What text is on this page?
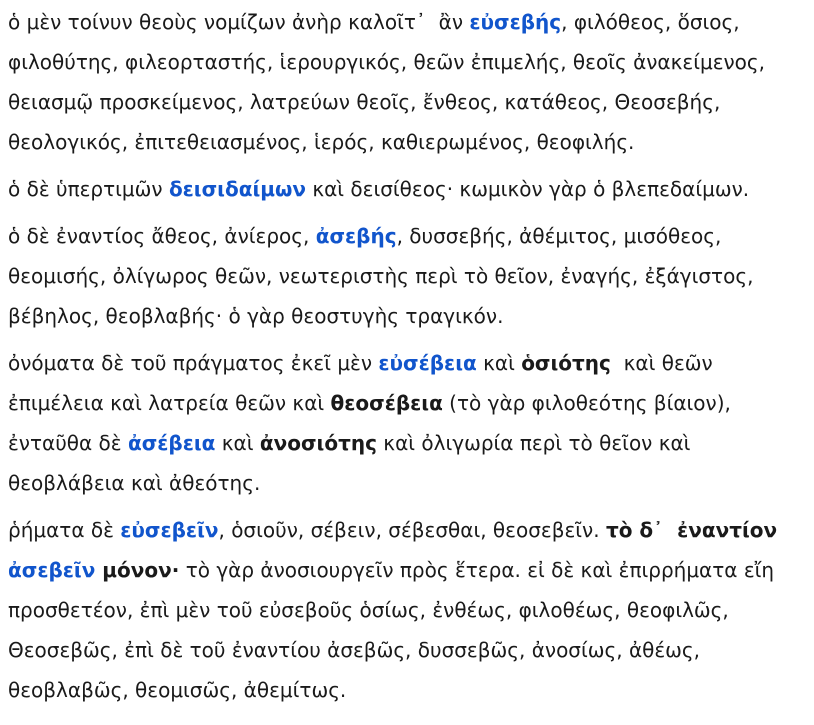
ὁ μὲν τοίνυν θεοὺς νομίζων ἀνὴρ καλοῖτ᾽  ἂν εὐσεβής, φιλόθεος, ὅσιος, φιλοθύτης, φιλεορταστής, ἱερουργικός, θεῶν ἐπιμελής, θεοῖς ἀνακείμενος, θειασμῷ προσκείμενος, λατρεύων θεοῖς, ἔνθεος, κατάθεος, Θεοσεβής, θεολογικός, ἐπιτεθειασμένος, ἱερός, καθιερωμένος, θεοφιλής.

ὁ δὲ ὑπερτιμῶν δεισιδαίμων καὶ δεισίθεος· κωμικὸν γὰρ ὁ βλεπεδαίμων.

ὁ δὲ ἐναντίος ἄθεος, ἀνίερος, ἀσεβής, δυσσεβής, ἀθέμιτος, μισόθεος, θεομισής, ὀλίγωρος θεῶν, νεωτεριστὴς περὶ τὸ θεῖον, ἐναγής, ἐξάγιστος, βέβηλος, θεοβλαβής· ὁ γὰρ θεοστυγὴς τραγικόν.

ὀνόματα δὲ τοῦ πράγματος ἐκεῖ μὲν εὐσέβεια καὶ ὁσιότης  καὶ θεῶν ἐπιμέλεια καὶ λατρεία θεῶν καὶ θεοσέβεια (τὸ γὰρ φιλοθεότης βίαιον), ἐνταῦθα δὲ ἀσέβεια καὶ ἀνοσιότης καὶ ὀλιγωρία περὶ τὸ θεῖον καὶ θεοβλάβεια καὶ ἀθεότης.

ῥήματα δὲ εὐσεβεῖν, ὁσιοῦν, σέβειν, σέβεσθαι, θεοσεβεῖν. τὸ δ᾽  ἐναντίον ἀσεβεῖν μόνον· τὸ γὰρ ἀνοσιουργεῖν πρὸς ἕτερα. εἰ δὲ καὶ ἐπιρρήματα εἴη προσθετέον, ἐπὶ μὲν τοῦ εὐσεβοῦς ὁσίως, ἐνθέως, φιλοθέως, θεοφιλῶς, Θεοσεβῶς, ἐπὶ δὲ τοῦ ἐναντίου ἀσεβῶς, δυσσεβῶς, ἀνοσίως, ἀθέως, θεοβλαβῶς, θεομισῶς, ἀθεμίτως.
